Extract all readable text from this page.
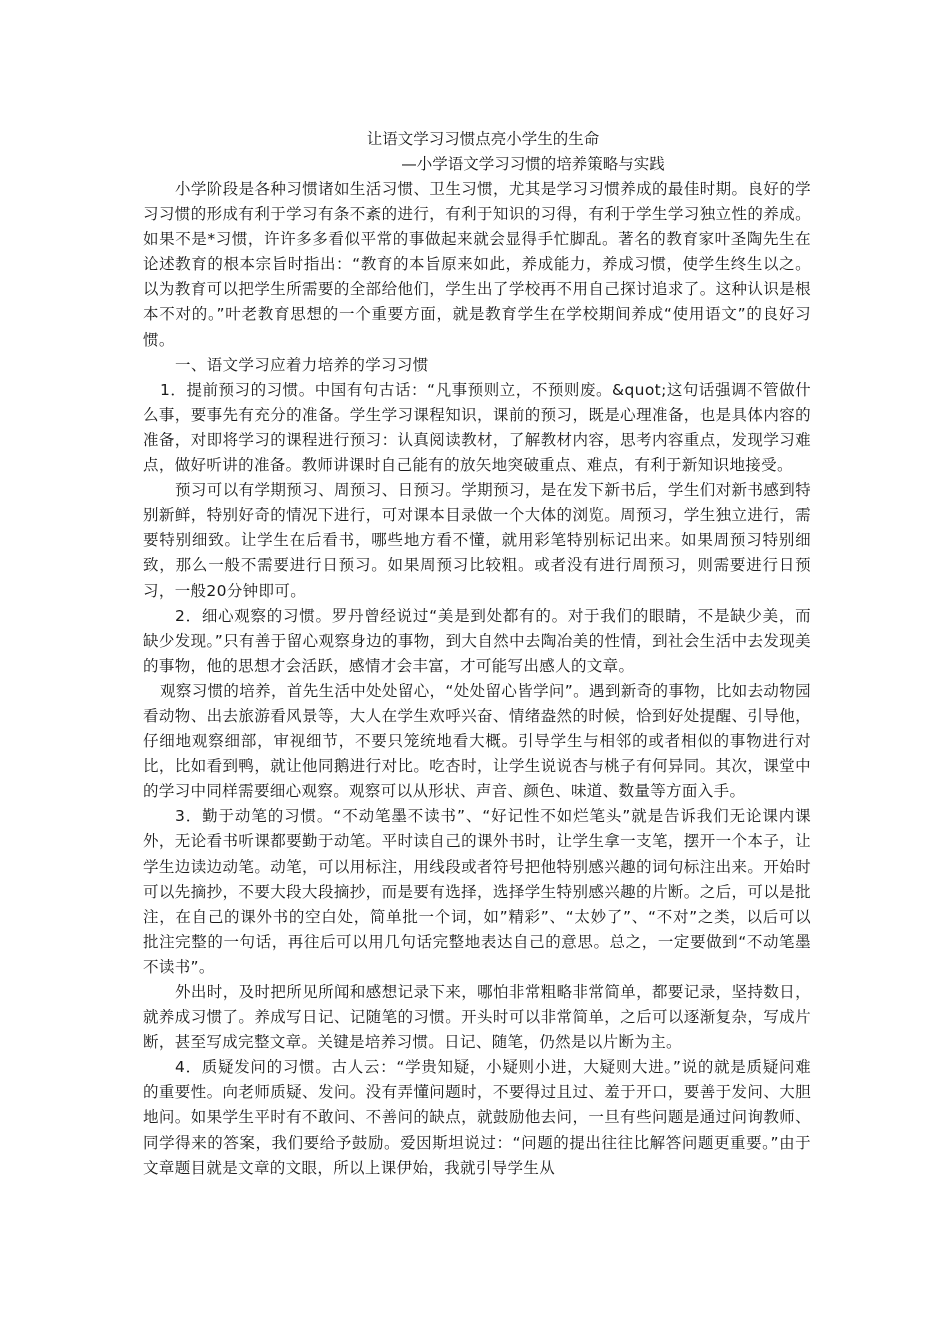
让语文学习习惯点亮小学生的生命
—小学语文学习习惯的培养策略与实践

小学阶段是各种习惯诸如生活习惯、卫生习惯，尤其是学习习惯养成的最佳时期。良好的学习习惯的形成有利于学习有条不紊的进行，有利于知识的习得，有利于学生学习独立性的养成。如果不是*习惯，许许多多看似平常的事做起来就会显得手忙脚乱。著名的教育家叶圣陶先生在论述教育的根本宗旨时指出：“教育的本旨原来如此，养成能力，养成习惯，使学生终生以之。以为教育可以把学生所需要的全部给他们，学生出了学校再不用自己探讨追求了。这种认识是根本不对的。”叶老教育思想的一个重要方面，就是教育学生在学校期间养成“使用语文”的良好习惯。

一、语文学习应着力培养的学习习惯

1．提前预习的习惯。中国有句古话：“凡事预则立，不预则废。&quot;这句话强调不管做什么事，要事先有充分的准备。学生学习课程知识，课前的预习，既是心理准备，也是具体内容的准备，对即将学习的课程进行预习：认真阅读教材，了解教材内容，思考内容重点，发现学习难点，做好听讲的准备。教师讲课时自己能有的放矢地突破重点、难点，有利于新知识地接受。

预习可以有学期预习、周预习、日预习。学期预习，是在发下新书后，学生们对新书感到特别新鲜，特别好奇的情况下进行，可对课本目录做一个大体的浏览。周预习，学生独立进行，需要特别细致。让学生在后看书，哪些地方看不懂，就用彩笔特别标记出来。如果周预习特别细致，那么一般不需要进行日预习。如果周预习比较粗。或者没有进行周预习，则需要进行日预习，一般20分钟即可。

2．细心观察的习惯。罗丹曾经说过“美是到处都有的。对于我们的眼睛，不是缺少美，而缺少发现。”只有善于留心观察身边的事物，到大自然中去陶冶美的性情，到社会生活中去发现美的事物，他的思想才会活跃，感情才会丰富，才可能写出感人的文章。

观察习惯的培养，首先生活中处处留心，“处处留心皆学问”。遇到新奇的事物，比如去动物园看动物、出去旅游看风景等，大人在学生欢呼兴奋、情绪盎然的时候，恰到好处提醒、引导他，仔细地观察细部，审视细节，不要只笼统地看大概。引导学生与相邻的或者相似的事物进行对比，比如看到鸭，就让他同鹅进行对比。吃杏时，让学生说说杏与桃子有何异同。其次，课堂中的学习中同样需要细心观察。观察可以从形状、声音、颜色、味道、数量等方面入手。

3．勤于动笔的习惯。“不动笔墨不读书”、“好记性不如烂笔头”就是告诉我们无论课内课外，无论看书听课都要勤于动笔。平时读自己的课外书时，让学生拿一支笔，摆开一个本子，让学生边读边动笔。动笔，可以用标注，用线段或者符号把他特别感兴趣的词句标注出来。开始时可以先摘抄，不要大段大段摘抄，而是要有选择，选择学生特别感兴趣的片断。之后，可以是批注，在自己的课外书的空白处，简单批一个词，如”精彩”、“太妙了”、“不对”之类，以后可以批注完整的一句话，再往后可以用几句话完整地表达自己的意思。总之，一定要做到“不动笔墨不读书”。

外出时，及时把所见所闻和感想记录下来，哪怕非常粗略非常简单，都要记录，坚持数日，就养成习惯了。养成写日记、记随笔的习惯。开头时可以非常简单，之后可以逐渐复杂，写成片断，甚至写成完整文章。关键是培养习惯。日记、随笔，仍然是以片断为主。

4．质疑发问的习惯。古人云：“学贵知疑，小疑则小进，大疑则大进。”说的就是质疑问难的重要性。向老师质疑、发问。没有弄懂问题时，不要得过且过、羞于开口，要善于发问、大胆地问。如果学生平时有不敢问、不善问的缺点，就鼓励他去问，一旦有些问题是通过问询教师、同学得来的答案，我们要给予鼓励。爱因斯坦说过：“问题的提出往往比解答问题更重要。”由于文章题目就是文章的文眼，所以上课伊始，我就引导学生从
